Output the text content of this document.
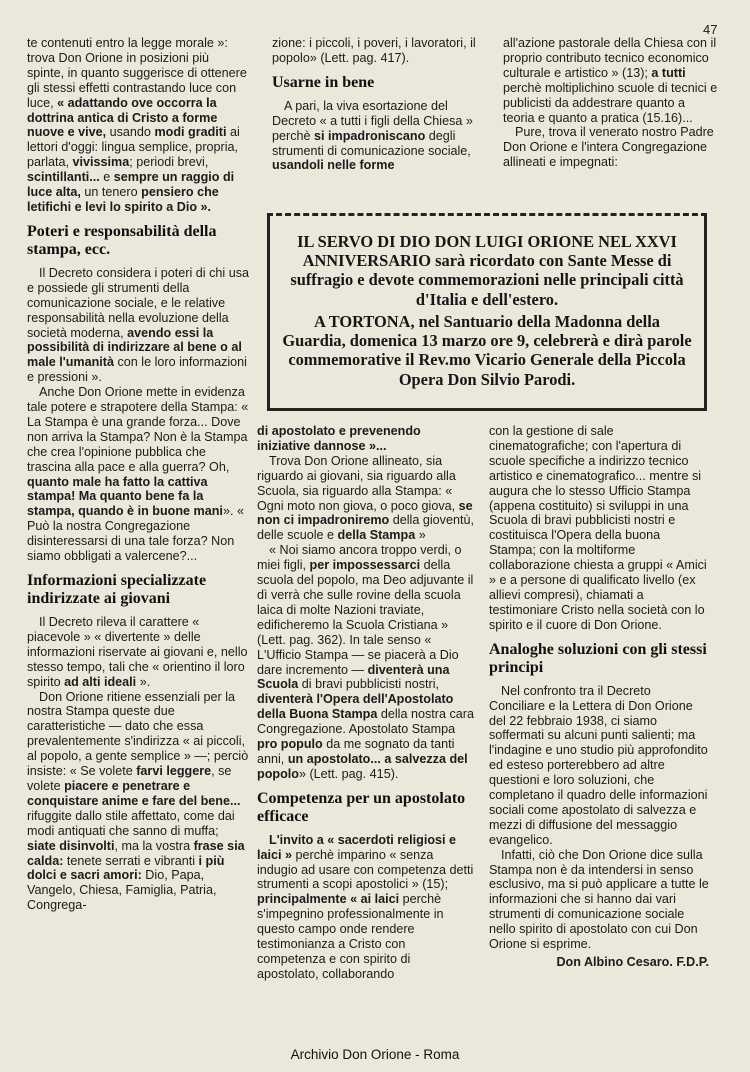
47

te contenuti entro la legge morale »: trova Don Orione in posizioni più spinte, in quanto suggerisce di ottenere gli stessi effetti contrastando luce con luce, « adattando ove occorra la dottrina antica di Cristo a forme nuove e vive, usando modi graditi ai lettori d'oggi: lingua semplice, propria, parlata, vivissima; periodi brevi, scintillanti... e sempre un raggio di luce alta, un tenero pensiero che letifichi e levi lo spirito a Dio ».

Poteri e responsabilità della stampa, ecc.

Il Decreto considera i poteri di chi usa e possiede gli strumenti della comunicazione sociale, e le relative responsabilità nella evoluzione della società moderna, avendo essi la possibilità di indirizzare al bene o al male l'umanità con le loro informazioni e pressioni ».

Anche Don Orione mette in evidenza tale potere e strapotere della Stampa: « La Stampa è una grande forza... Dove non arriva la Stampa? Non è la Stampa che crea l'opinione pubblica che trascina alla pace e alla guerra? Oh, quanto male ha fatto la cattiva stampa! Ma quanto bene fa la stampa, quando è in buone mani». « Può la nostra Congregazione disinteressarsi di una tale forza? Non siamo obbligati a valercene?...

Informazioni specializzate indirizzate ai giovani

Il Decreto rileva il carattere « piacevole » « divertente » delle informazioni riservate ai giovani e, nello stesso tempo, tali che « orientino il loro spirito ad alti ideali ».

Don Orione ritiene essenziali per la nostra Stampa queste due caratteristiche — dato che essa prevalentemente s'indirizza « ai piccoli, al popolo, a gente semplice » —; perciò insiste: « Se volete farvi leggere, se volete piacere e penetrare e conquistare anime e fare del bene... rifuggite dallo stile affettato, come dai modi antiquati che sanno di muffa; siate disinvolti, ma la vostra frase sia calda: tenete serrati e vibranti i più dolci e sacri amori: Dio, Papa, Vangelo, Chiesa, Famiglia, Patria, Congrega-

zione: i piccoli, i poveri, i lavoratori, il popolo» (Lett. pag. 417).

Usarne in bene

A pari, la viva esortazione del Decreto « a tutti i figli della Chiesa » perchè si impadroniscano degli strumenti di comunicazione sociale, usandoli nelle forme

all'azione pastorale della Chiesa con il proprio contributo tecnico economico culturale e artistico » (13); a tutti perchè moltiplichino scuole di tecnici e publicisti da addestrare quanto a teoria e quanto a pratica (15.16)...

Pure, trova il venerato nostro Padre Don Orione e l'intera Congregazione allineati e impegnati:

IL SERVO DI DIO DON LUIGI ORIONE NEL XXVI ANNIVERSARIO sarà ricordato con Sante Messe di suffragio e devote commemorazioni nelle principali città d'Italia e dell'estero.

A TORTONA, nel Santuario della Madonna della Guardia, domenica 13 marzo ore 9, celebrerà e dirà parole commemorative il Rev.mo Vicario Generale della Piccola Opera Don Silvio Parodi.

di apostolato e prevenendo iniziative dannose »...

Trova Don Orione allineato, sia riguardo ai giovani, sia riguardo alla Scuola, sia riguardo alla Stampa: « Ogni moto non giova, o poco giova, se non ci impadroniremo della gioventù, delle scuole e della Stampa »

« Noi siamo ancora troppo verdi, o miei figli, per impossessarci della scuola del popolo, ma Deo adjuvante il dì verrà che sulle rovine della scuola laica di molte Nazioni traviate, edificheremo la Scuola Cristiana » (Lett. pag. 362). In tale senso « L'Ufficio Stampa — se piacerà a Dio dare incremento — diventerà una Scuola di bravi pubblicisti nostri, diventerà l'Opera dell'Apostolato della Buona Stampa della nostra cara Congregazione. Apostolato Stampa pro populo da me sognato da tanti anni, un apostolato... a salvezza del popolo» (Lett. pag. 415).

Competenza per un apostolato efficace

L'invito a « sacerdoti religiosi e laici » perchè imparino « senza indugio ad usare con competenza detti strumenti a scopi apostolici » (15); principalmente « ai laici perchè s'impegnino professionalmente in questo campo onde rendere testimonianza a Cristo con competenza e con spirito di apostolato, collaborando

con la gestione di sale cinematografiche; con l'apertura di scuole specifiche a indirizzo tecnico artistico e cinematografico... mentre si augura che lo stesso Ufficio Stampa (appena costituito) si sviluppi in una Scuola di bravi pubblicisti nostri e costituisca l'Opera della buona Stampa; con la moltiforme collaborazione chiesta a gruppi « Amici » e a persone di qualificato livello (ex allievi compresi), chiamati a testimoniare Cristo nella società con lo spirito e il cuore di Don Orione.

Analoghe soluzioni con gli stessi principi

Nel confronto tra il Decreto Conciliare e la Lettera di Don Orione del 22 febbraio 1938, ci siamo soffermati su alcuni punti salienti; ma l'indagine e uno studio più approfondito ed esteso porterebbero ad altre questioni e loro soluzioni, che completano il quadro delle informazioni sociali come apostolato di salvezza e mezzi di diffusione del messaggio evangelico.

Infatti, ciò che Don Orione dice sulla Stampa non è da intendersi in senso esclusivo, ma si può applicare a tutte le informazioni che si hanno dai vari strumenti di comunicazione sociale nello spirito di apostolato con cui Don Orione si esprime.

Don Albino Cesaro. F.D.P.

Archivio Don Orione - Roma
